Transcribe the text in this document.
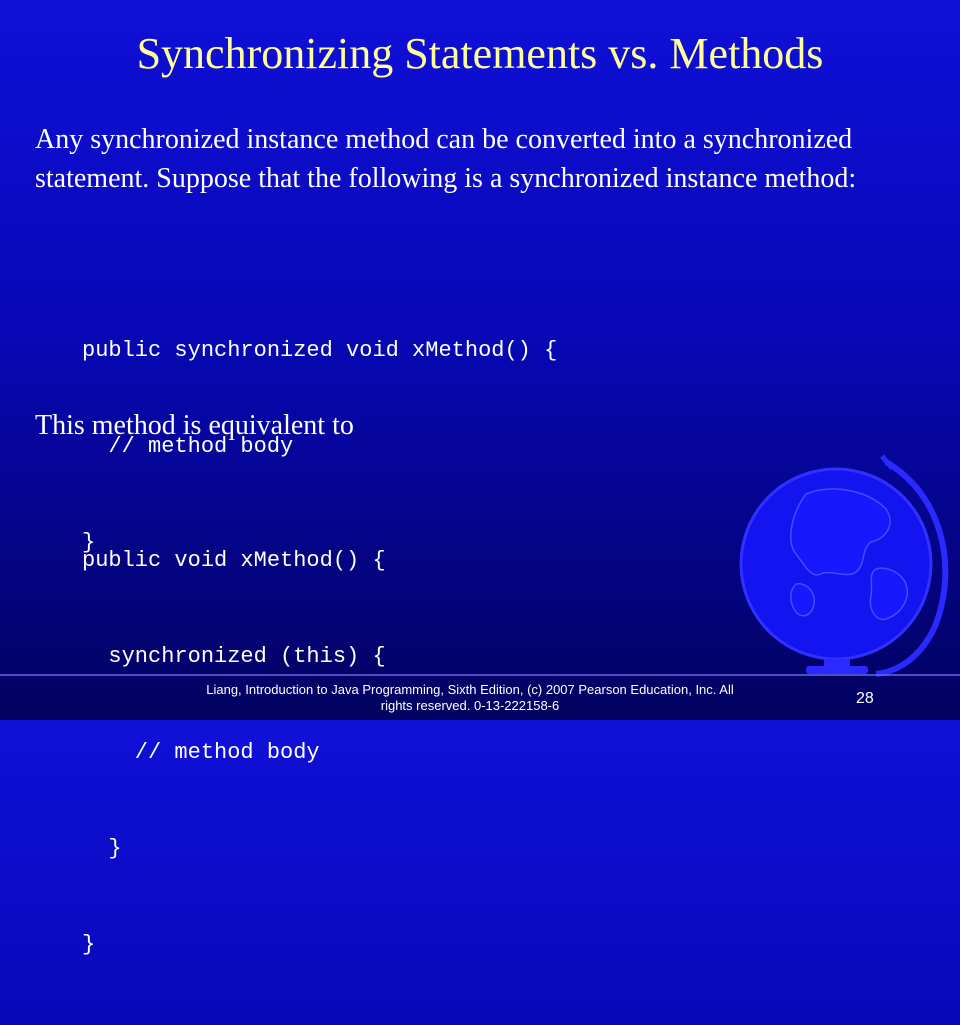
Synchronizing Statements vs. Methods
Any synchronized instance method can be converted into a synchronized statement. Suppose that the following is a synchronized instance method:

public synchronized void xMethod() {

// method body

}

This method is equivalent to

public void xMethod() {

synchronized (this) {

// method body

}

}

Liang, Introduction to Java Programming, Sixth Edition, (c) 2007 Pearson Education, Inc. All rights reserved. 0-13-222158-6	28
